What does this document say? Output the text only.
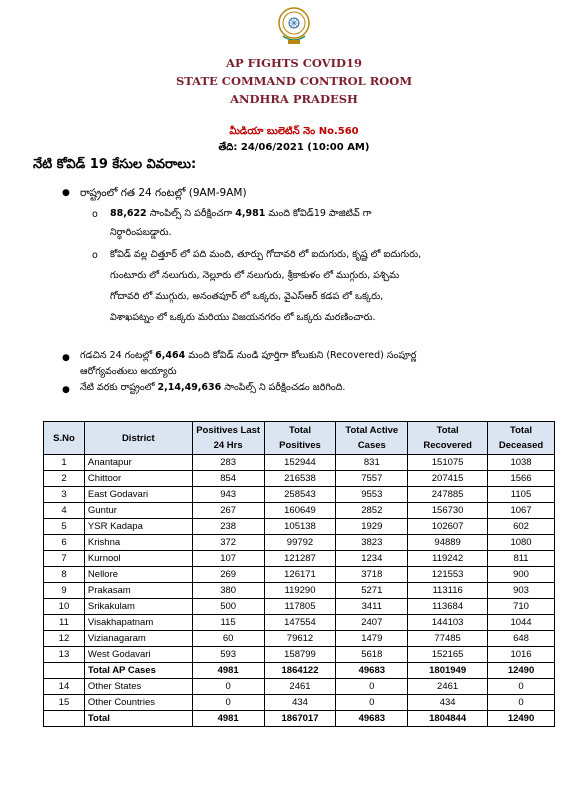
AP FIGHTS COVID19
STATE COMMAND CONTROL ROOM
ANDHRA PRADESH
మీడియా బులెటిన్ నెం No.560
తేది: 24/06/2021 (10:00 AM)
నేటి కోవిడ్ 19 కేసుల వివరాలు:
● రాష్ట్రంలో గత 24 గంటల్లో (9AM-9AM)
o 88,622 సాంపిల్స్ ని పరీక్షించగా 4,981 మంది కోవిడ్19 పాజిటివ్ గా
నిర్ధారింపబడ్డారు.
o కోవిడ్ వల్ల చిత్తూర్ లో పది మంది, తూర్పు గోదావరి లో ఐదుగురు, కృష్ణ లో ఐదుగురు,
గుంటూరు లో నలుగురు, నెల్లూరు లో నలుగురు, శ్రీకాకుళం లో ముగ్గురు, పశ్చిమ
గోదావరి లో ముగ్గురు, అనంతపూర్ లో ఒక్కరు, వైఎస్ఆర్ కడప లో ఒక్కరు,
విశాఖపట్నం లో ఒక్కరు మరియు విజయనగరం లో ఒక్కరు మరణించారు.
● గడచిన 24 గంటల్లో 6,464 మంది కోవిడ్ నుండి పూర్తిగా కోలుకుని (Recovered) సంపూర్ణ
ఆరోగ్యవంతులు అయ్యారు
● నేటి వరకు రాష్ట్రంలో 2,14,49,636 సాంపిల్స్ ని పరీక్షించడం జరిగింది.
S.No	District	Positives Last 24 Hrs	Total Positives	Total Active Cases	Total Recovered	Total Deceased
1	Anantapur	283	152944	831	151075	1038
2	Chittoor	854	216538	7557	207415	1566
3	East Godavari	943	258543	9553	247885	1105
4	Guntur	267	160649	2852	156730	1067
5	YSR Kadapa	238	105138	1929	102607	602
6	Krishna	372	99792	3823	94889	1080
7	Kurnool	107	121287	1234	119242	811
8	Nellore	269	126171	3718	121553	900
9	Prakasam	380	119290	5271	113116	903
10	Srikakulam	500	117805	3411	113684	710
11	Visakhapatnam	115	147554	2407	144103	1044
12	Vizianagaram	60	79612	1479	77485	648
13	West Godavari	593	158799	5618	152165	1016
	Total AP Cases	4981	1864122	49683	1801949	12490
14	Other States	0	2461	0	2461	0
15	Other Countries	0	434	0	434	0
	Total	4981	1867017	49683	1804844	12490
